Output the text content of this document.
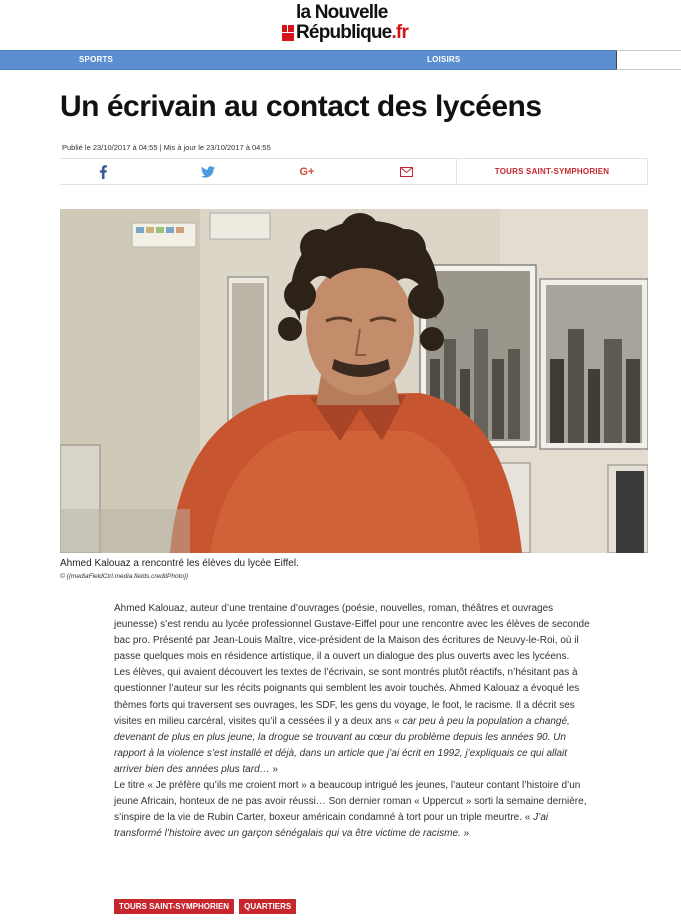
la Nouvelle
République.fr
SPORTS	LOISIRS
Un écrivain au contact des lycéens
Publié le 23/10/2017 à 04:55 | Mis à jour le 23/10/2017 à 04:55
G+	TOURS SAINT-SYMPHORIEN
Ahmed Kalouaz a rencontré les élèves du lycée Eiffel.
© {{mediaFieldCtrl.media.fields.creditPhoto}}

Ahmed Kalouaz, auteur d’une trentaine d’ouvrages (poésie, nouvelles, roman, théâtres et ouvrages jeunesse) s’est rendu au lycée professionnel Gustave-Eiffel pour une rencontre avec les élèves de seconde bac pro. Présenté par Jean-Louis Maître, vice-président de la Maison des écritures de Neuvy-le-Roi, où il passe quelques mois en résidence artistique, il a ouvert un dialogue des plus ouverts avec les lycéens.

Les élèves, qui avaient découvert les textes de l’écrivain, se sont montrés plutôt réactifs, n’hésitant pas à questionner l’auteur sur les récits poignants qui semblent les avoir touchés. Ahmed Kalouaz a évoqué les thèmes forts qui traversent ses ouvrages, les SDF, les gens du voyage, le foot, le racisme. Il a décrit ses visites en milieu carcéral, visites qu’il a cessées il y a deux ans « car peu à peu la population a changé, devenant de plus en plus jeune, la drogue se trouvant au cœur du problème depuis les années 90. Un rapport à la violence s’est installé et déjà, dans un article que j’ai écrit en 1992, j’expliquais ce qui allait arriver bien des années plus tard… »

Le titre « Je préfère qu’ils me croient mort » a beaucoup intrigué les jeunes, l’auteur contant l’histoire d’un jeune Africain, honteux de ne pas avoir réussi… Son dernier roman « Uppercut » sorti la semaine dernière, s’inspire de la vie de Rubin Carter, boxeur américain condamné à tort pour un triple meurtre. « J’ai transformé l’histoire avec un garçon sénégalais qui va être victime de racisme. »

TOURS SAINT-SYMPHORIEN	QUARTIERS
